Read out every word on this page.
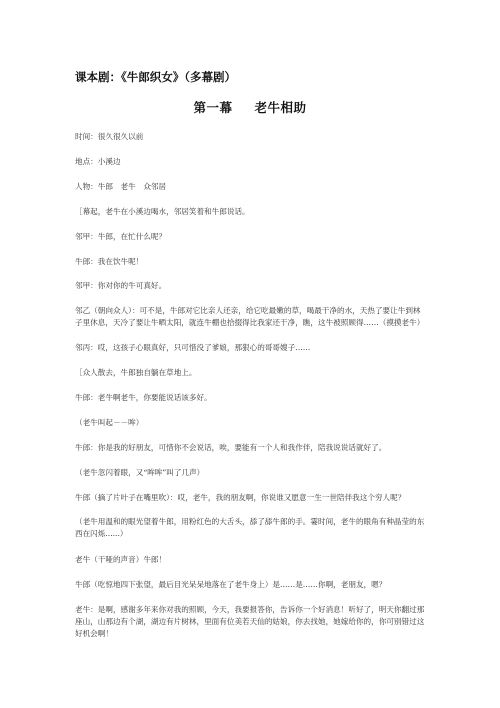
课本剧：《牛郎织女》（多幕剧）
第一幕 老牛相助
时间：很久很久以前
地点：小溪边
人物：牛郎　老牛　众邻居
［幕起，老牛在小溪边喝水，邻居笑着和牛郎说话。
邻甲：牛郎，在忙什么呢？
牛郎：我在饮牛呢！
邻甲：你对你的牛可真好。
邻乙（朝向众人）：可不是，牛郎对它比亲人还亲，给它吃最嫩的草，喝最干净的水，天热了要让牛到林子里休息，天冷了要让牛晒太阳，就连牛棚也拾掇得比我家还干净，瞧，这牛被照顾得……（摸摸老牛）
邻丙：哎，这孩子心眼真好，只可惜没了爹娘，那狠心的哥哥嫂子……
［众人散去，牛郎独自躺在草地上。
牛郎：老牛啊老牛，你要能说话该多好。
（老牛叫起－－哞）
牛郎：你是我的好朋友，可惜你不会说话，唉，要能有一个人和我作伴，陪我说说话就好了。
（老牛忽闪着眼，又“哞哞”叫了几声）
牛郎（摘了片叶子在嘴里吹）：哎，老牛，我的朋友啊，你说谁又愿意一生一世陪伴我这个穷人呢？
（老牛用温和的眼光望着牛郎，用粉红色的大舌头，舔了舔牛郎的手。霎时间，老牛的眼角有种晶莹的东西在闪烁......）
老牛（干哑的声音）牛郎！
牛郎（吃惊地四下张望，最后目光呆呆地落在了老牛身上）是……是……你啊，老朋友，嗯？
老牛：是啊，感谢多年来你对我的照顾，今天，我要报答你，告诉你一个好消息！听好了，明天你翻过那座山，山那边有个湖，湖边有片树林，里面有位美若天仙的姑娘，你去找她，她嫁给你的，你可别错过这好机会啊！
